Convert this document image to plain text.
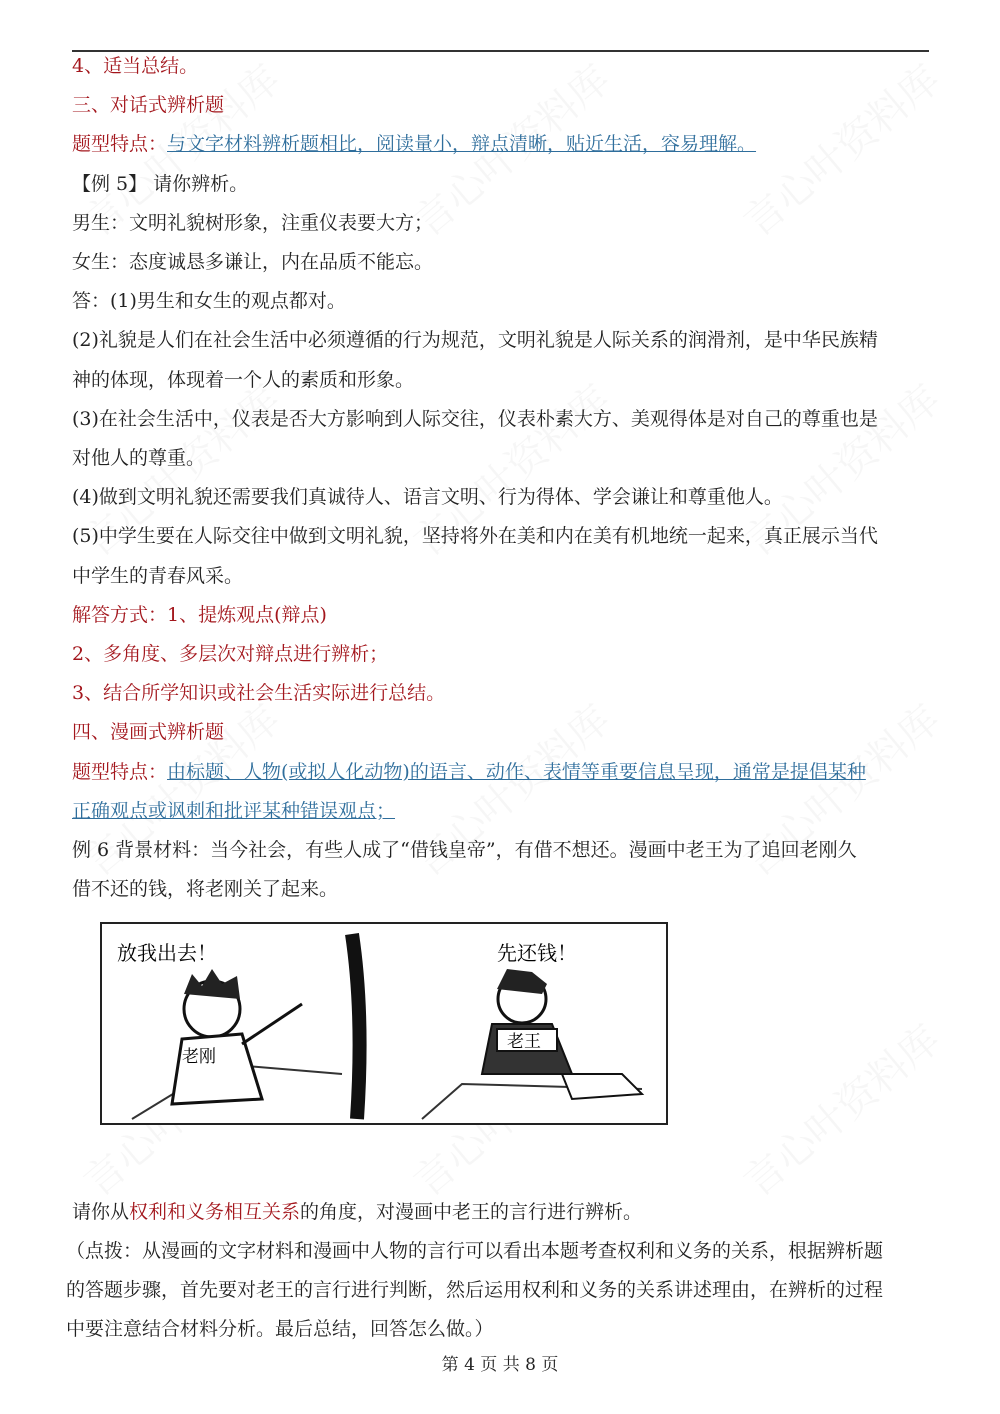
4、适当总结。
三、对话式辨析题
题型特点：与文字材料辨析题相比，阅读量小，辩点清晰，贴近生活，容易理解。
【例 5】 请你辨析。
男生：文明礼貌树形象，注重仪表要大方；
女生：态度诚恳多谦让，内在品质不能忘。
答：(1)男生和女生的观点都对。
(2)礼貌是人们在社会生活中必须遵循的行为规范，文明礼貌是人际关系的润滑剂，是中华民族精
神的体现，体现着一个人的素质和形象。
(3)在社会生活中，仪表是否大方影响到人际交往，仪表朴素大方、美观得体是对自己的尊重也是
对他人的尊重。
(4)做到文明礼貌还需要我们真诚待人、语言文明、行为得体、学会谦让和尊重他人。
(5)中学生要在人际交往中做到文明礼貌，坚持将外在美和内在美有机地统一起来，真正展示当代
中学生的青春风采。
解答方式：1、提炼观点(辩点)
2、多角度、多层次对辩点进行辨析；
3、结合所学知识或社会生活实际进行总结。
四、漫画式辨析题
题型特点：由标题、人物(或拟人化动物)的语言、动作、表情等重要信息呈现，通常是提倡某种
正确观点或讽刺和批评某种错误观点；
例 6 背景材料：当今社会，有些人成了“借钱皇帝”，有借不想还。漫画中老王为了追回老刚久
借不还的钱，将老刚关了起来。
放我出去！	先还钱！
老刚
老王
请你从权利和义务相互关系的角度，对漫画中老王的言行进行辨析。
（点拨：从漫画的文字材料和漫画中人物的言行可以看出本题考查权利和义务的关系，根据辨析题
的答题步骤，首先要对老王的言行进行判断，然后运用权利和义务的关系讲述理由，在辨析的过程
中要注意结合材料分析。最后总结，回答怎么做。）
第 4 页 共 8 页
